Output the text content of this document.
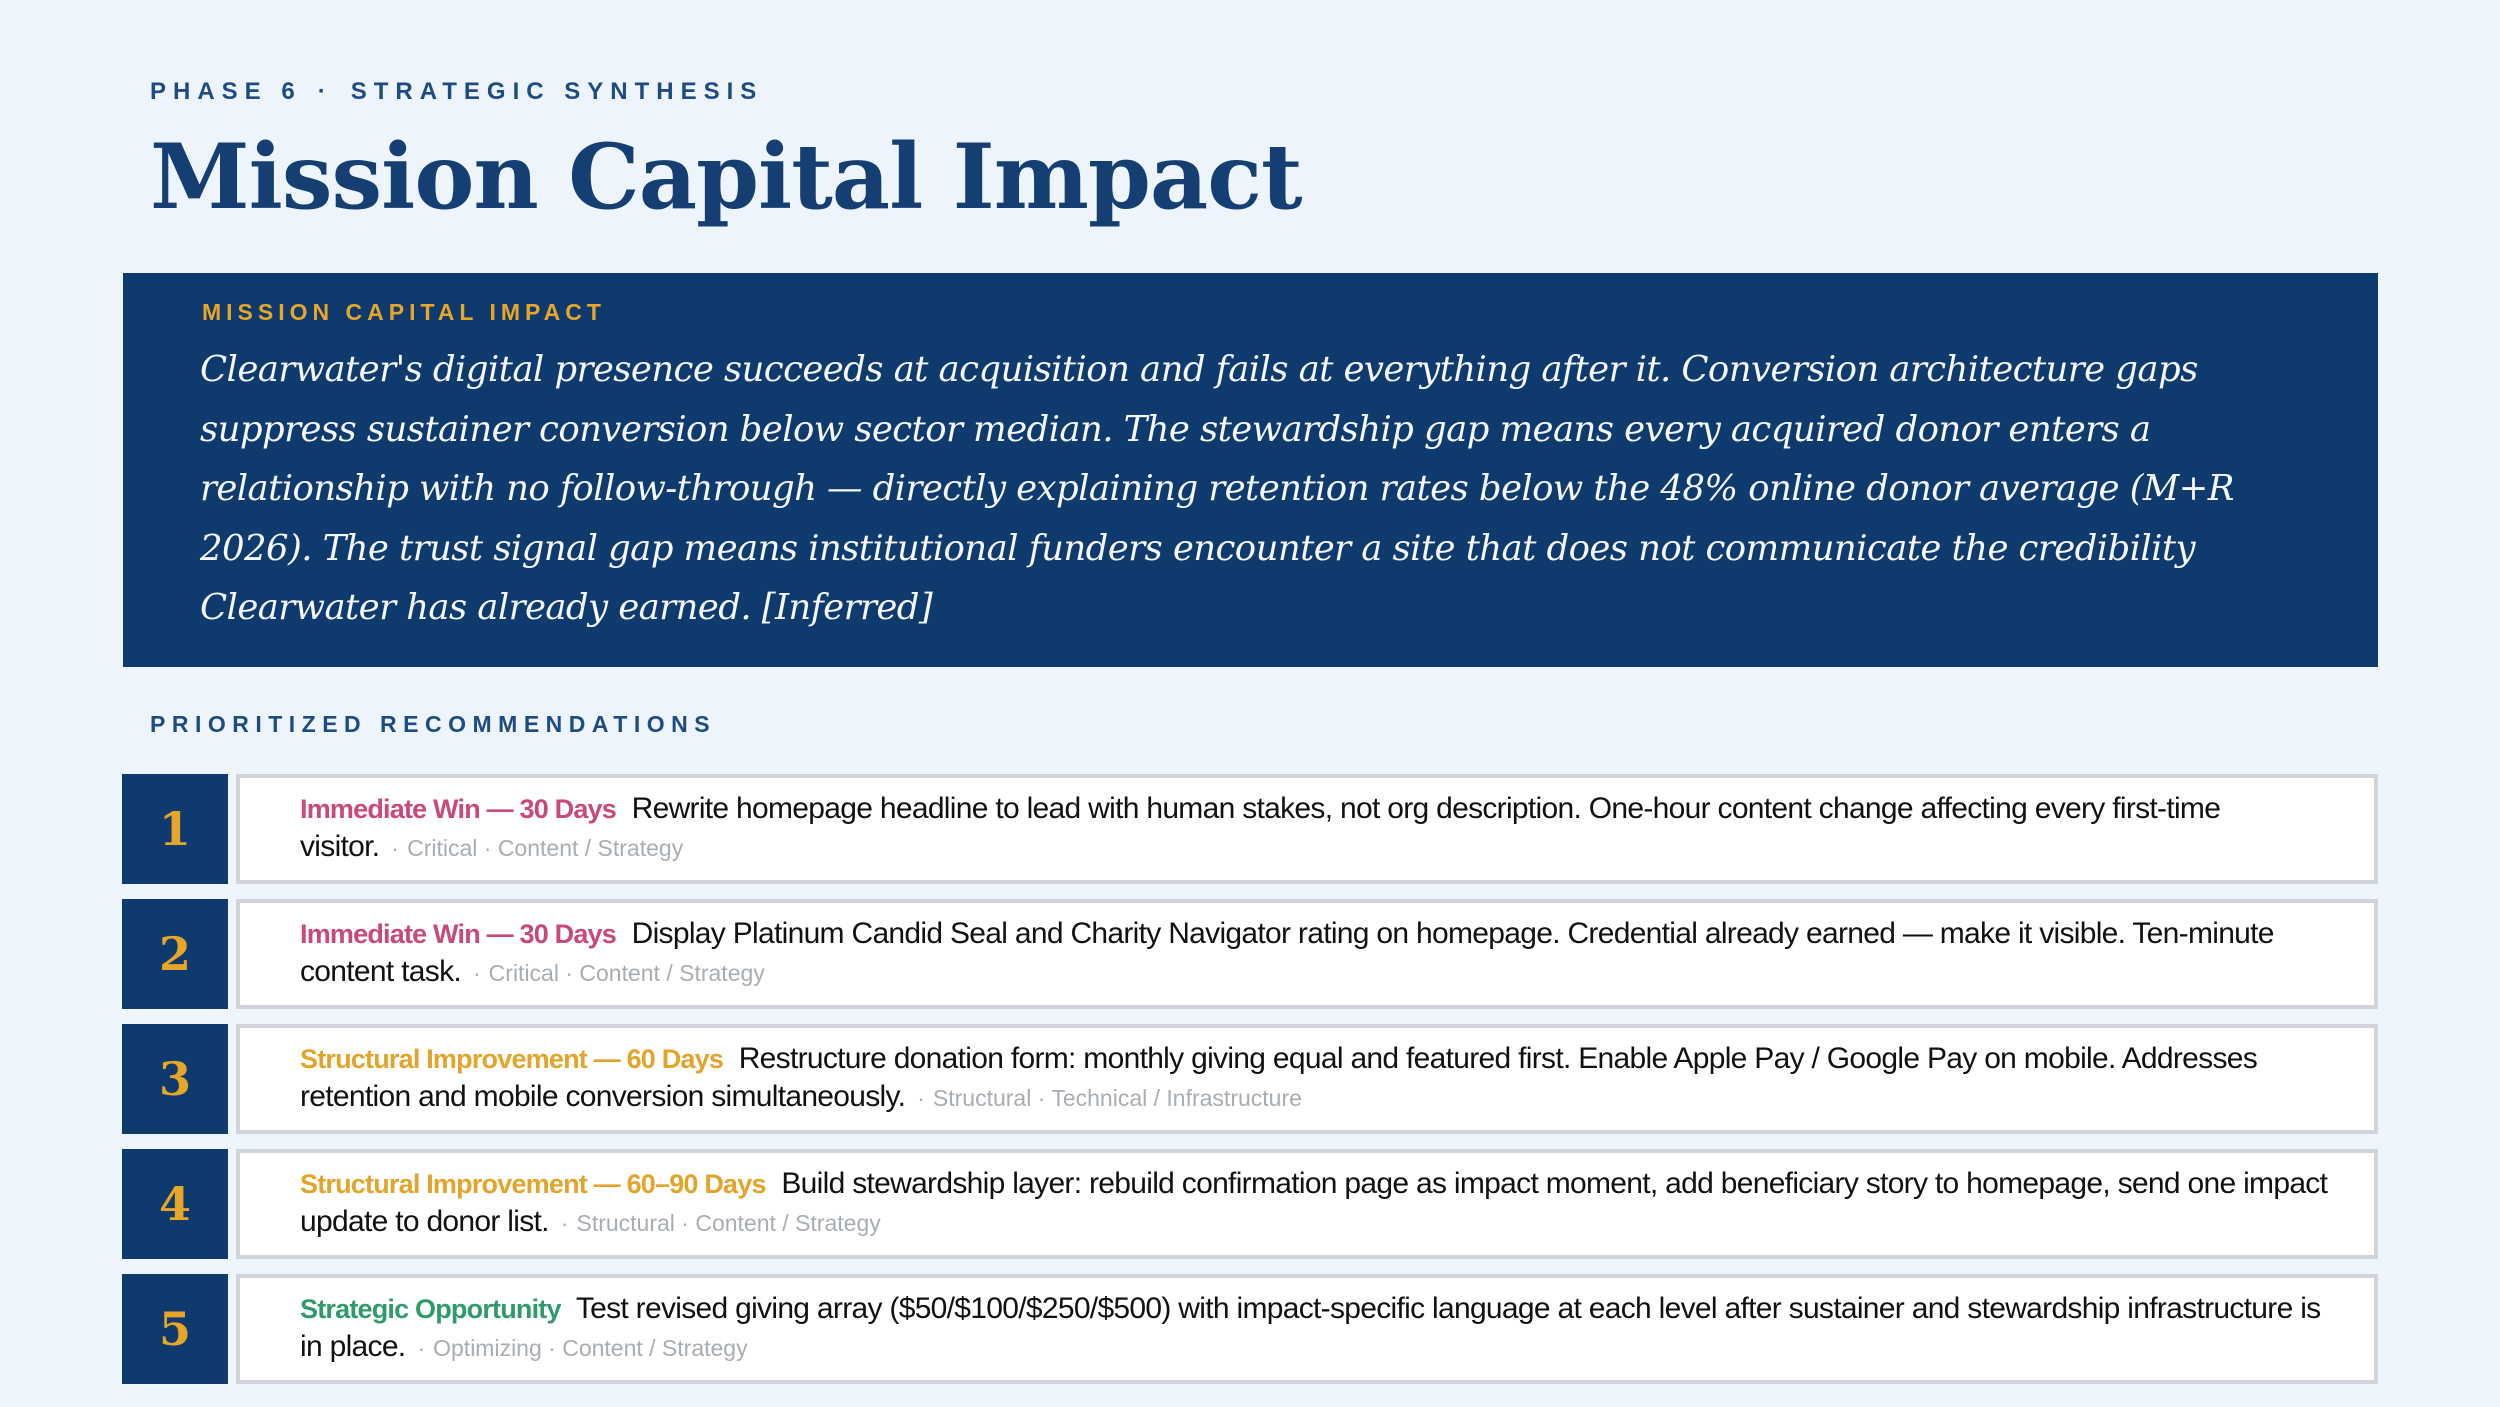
PHASE 6 · STRATEGIC SYNTHESIS
Mission Capital Impact
MISSION CAPITAL IMPACT
Clearwater's digital presence succeeds at acquisition and fails at everything after it. Conversion architecture gaps suppress sustainer conversion below sector median. The stewardship gap means every acquired donor enters a relationship with no follow-through — directly explaining retention rates below the 48% online donor average (M+R 2026). The trust signal gap means institutional funders encounter a site that does not communicate the credibility Clearwater has already earned. [Inferred]
PRIORITIZED RECOMMENDATIONS
1	Immediate Win — 30 Days Rewrite homepage headline to lead with human stakes, not org description. One-hour content change affecting every first-time visitor. · Critical · Content / Strategy
2	Immediate Win — 30 Days Display Platinum Candid Seal and Charity Navigator rating on homepage. Credential already earned — make it visible. Ten-minute content task. · Critical · Content / Strategy
3	Structural Improvement — 60 Days Restructure donation form: monthly giving equal and featured first. Enable Apple Pay / Google Pay on mobile. Addresses retention and mobile conversion simultaneously. · Structural · Technical / Infrastructure
4	Structural Improvement — 60–90 Days Build stewardship layer: rebuild confirmation page as impact moment, add beneficiary story to homepage, send one impact update to donor list. · Structural · Content / Strategy
5	Strategic Opportunity Test revised giving array ($50/$100/$250/$500) with impact-specific language at each level after sustainer and stewardship infrastructure is in place. · Optimizing · Content / Strategy
